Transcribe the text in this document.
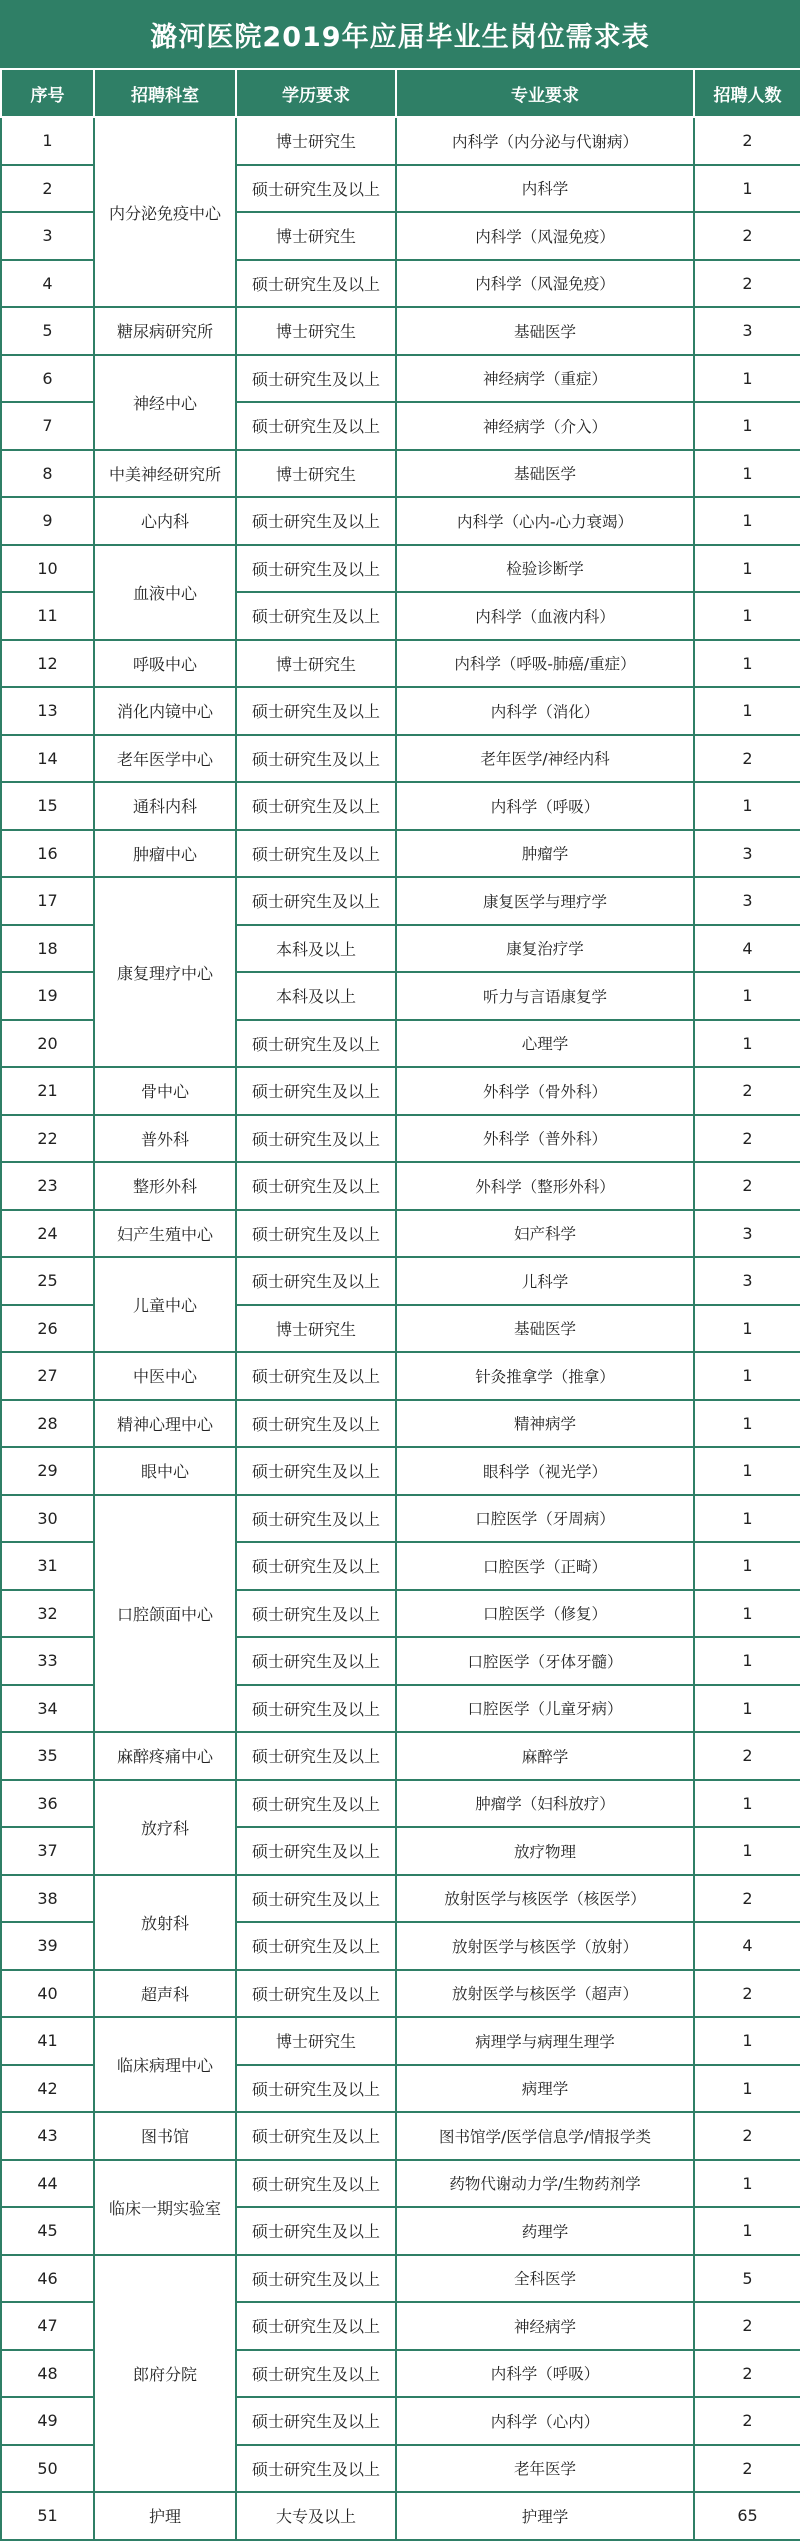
潞河医院2019年应届毕业生岗位需求表
序号	招聘科室	学历要求	专业要求	招聘人数
1	内分泌免疫中心	博士研究生	内科学（内分泌与代谢病）	2
2		硕士研究生及以上	内科学	1
3		博士研究生	内科学（风湿免疫）	2
4		硕士研究生及以上	内科学（风湿免疫）	2
5	糖尿病研究所	博士研究生	基础医学	3
6	神经中心	硕士研究生及以上	神经病学（重症）	1
7		硕士研究生及以上	神经病学（介入）	1
8	中美神经研究所	博士研究生	基础医学	1
9	心内科	硕士研究生及以上	内科学（心内-心力衰竭）	1
10	血液中心	硕士研究生及以上	检验诊断学	1
11		硕士研究生及以上	内科学（血液内科）	1
12	呼吸中心	博士研究生	内科学（呼吸-肺癌/重症）	1
13	消化内镜中心	硕士研究生及以上	内科学（消化）	1
14	老年医学中心	硕士研究生及以上	老年医学/神经内科	2
15	通科内科	硕士研究生及以上	内科学（呼吸）	1
16	肿瘤中心	硕士研究生及以上	肿瘤学	3
17	康复理疗中心	硕士研究生及以上	康复医学与理疗学	3
18		本科及以上	康复治疗学	4
19		本科及以上	听力与言语康复学	1
20		硕士研究生及以上	心理学	1
21	骨中心	硕士研究生及以上	外科学（骨外科）	2
22	普外科	硕士研究生及以上	外科学（普外科）	2
23	整形外科	硕士研究生及以上	外科学（整形外科）	2
24	妇产生殖中心	硕士研究生及以上	妇产科学	3
25	儿童中心	硕士研究生及以上	儿科学	3
26		博士研究生	基础医学	1
27	中医中心	硕士研究生及以上	针灸推拿学（推拿）	1
28	精神心理中心	硕士研究生及以上	精神病学	1
29	眼中心	硕士研究生及以上	眼科学（视光学）	1
30	口腔颌面中心	硕士研究生及以上	口腔医学（牙周病）	1
31		硕士研究生及以上	口腔医学（正畸）	1
32		硕士研究生及以上	口腔医学（修复）	1
33		硕士研究生及以上	口腔医学（牙体牙髓）	1
34		硕士研究生及以上	口腔医学（儿童牙病）	1
35	麻醉疼痛中心	硕士研究生及以上	麻醉学	2
36	放疗科	硕士研究生及以上	肿瘤学（妇科放疗）	1
37		硕士研究生及以上	放疗物理	1
38	放射科	硕士研究生及以上	放射医学与核医学（核医学）	2
39		硕士研究生及以上	放射医学与核医学（放射）	4
40	超声科	硕士研究生及以上	放射医学与核医学（超声）	2
41	临床病理中心	博士研究生	病理学与病理生理学	1
42		硕士研究生及以上	病理学	1
43	图书馆	硕士研究生及以上	图书馆学/医学信息学/情报学类	2
44	临床一期实验室	硕士研究生及以上	药物代谢动力学/生物药剂学	1
45		硕士研究生及以上	药理学	1
46	郎府分院	硕士研究生及以上	全科医学	5
47		硕士研究生及以上	神经病学	2
48		硕士研究生及以上	内科学（呼吸）	2
49		硕士研究生及以上	内科学（心内）	2
50		硕士研究生及以上	老年医学	2
51	护理	大专及以上	护理学	65
